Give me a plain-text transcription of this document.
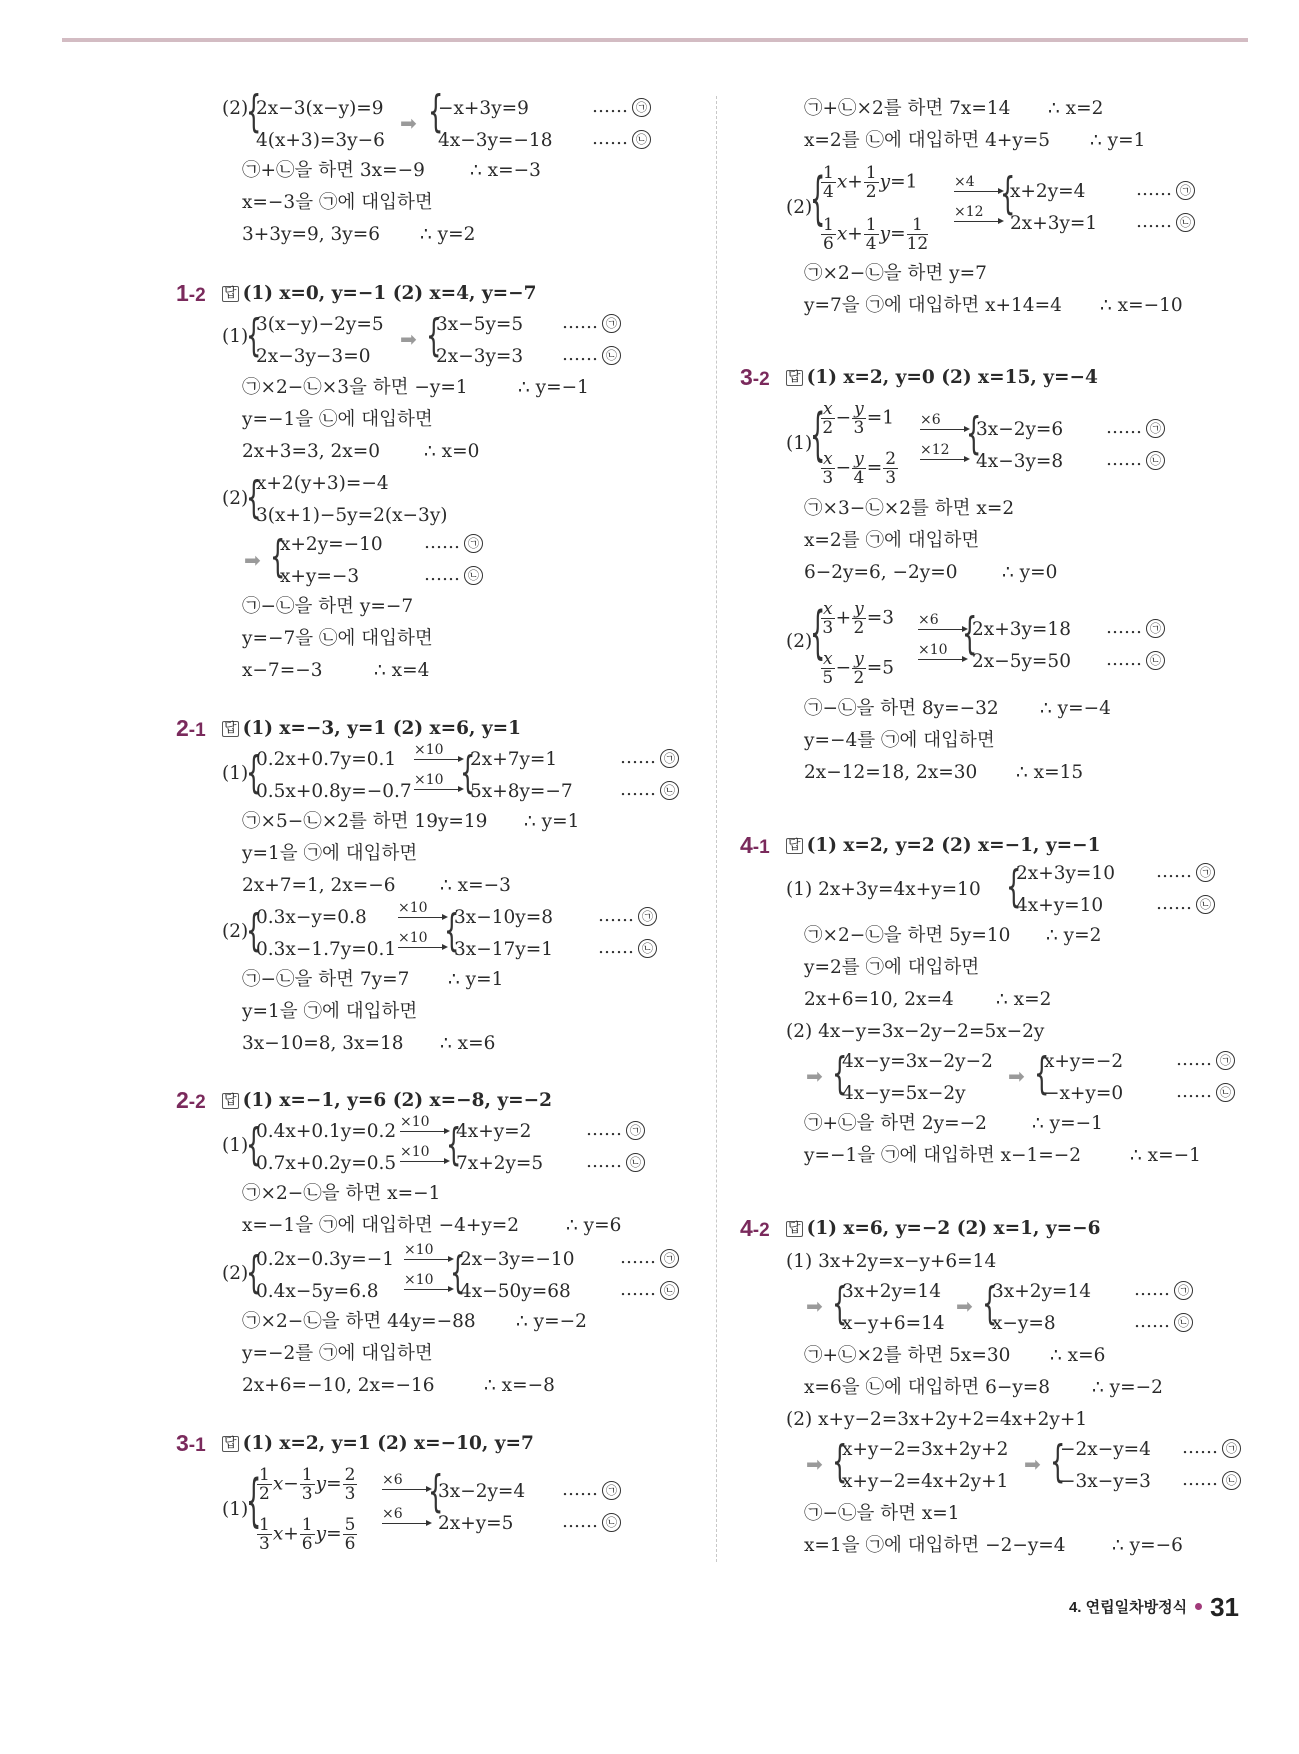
(2)
{
2x−3(x−y)=9
4(x+3)=3y−6
➡ {
−x+3y=9
4x−3y=−18
…… ㉠
…… ㉡
㉠+㉡을 하면 3x=−9 ∴ x=−3
x=−3을 ㉠에 대입하면
3+3y=9, 3y=6 ∴ y=2
1-2 답 (1) x=0, y=−1 (2) x=4, y=−7
(1)
{
3(x−y)−2y=5
2x−3y−3=0
➡ {
3x−5y=5
2x−3y=3
…… ㉠
…… ㉡
㉠×2−㉡×3을 하면 −y=1	∴ y=−1
y=−1을 ㉡에 대입하면
2x+3=3, 2x=0 ∴ x=0
(2)
{
x+2(y+3)=−4
3(x+1)−5y=2(x−3y)
➡ {
x+2y=−10
x+y=−3
…… ㉠
…… ㉡
㉠−㉡을 하면 y=−7
y=−7을 ㉡에 대입하면
x−7=−3	∴ x=4
2-1 답 (1) x=−3, y=1 (2) x=6, y=1
(1)
{
0.2x+0.7y=0.1
0.5x+0.8y=−0.7
×10
×10 {
2x+7y=1
5x+8y=−7
…… ㉠
…… ㉡
㉠×5−㉡×2를 하면 19y=19 ∴ y=1
y=1을 ㉠에 대입하면
2x+7=1, 2x=−6 ∴ x=−3
(2)
{
0.3x−y=0.8
0.3x−1.7y=0.1
×10
×10 {
3x−10y=8
3x−17y=1
…… ㉠
…… ㉡
㉠−㉡을 하면 7y=7 ∴ y=1
y=1을 ㉠에 대입하면
3x−10=8, 3x=18 ∴ x=6
2-2 답 (1) x=−1, y=6 (2) x=−8, y=−2
(1)
{
0.4x+0.1y=0.2
0.7x+0.2y=0.5
×10
×10 {
4x+y=2
7x+2y=5
…… ㉠
…… ㉡
㉠×2−㉡을 하면 x=−1
x=−1을 ㉠에 대입하면 −4+y=2	∴ y=6
(2)
{
0.2x−0.3y=−1
0.4x−5y=6.8
×10
×10 {
2x−3y=−10
4x−50y=68
…… ㉠
…… ㉡
㉠×2−㉡을 하면 44y=−88 ∴ y=−2
y=−2를 ㉠에 대입하면
2x+6=−10, 2x=−16	∴ x=−8
3-1 답 (1) x=2, y=1 (2) x=−10, y=7
(1)
{
$\frac{1}{2} x- \frac{1}{3} y= \frac{2}{3}$
$\frac{1}{3} x+ \frac{1}{6} y= \frac{5}{6}$
×6
×6 {
3x−2y=4
2x+y=5
…… ㉠
…… ㉡
㉠+㉡×2를 하면 7x=14 ∴ x=2
x=2를 ㉡에 대입하면 4+y=5 ∴ y=1
(2)
{
$\frac{1}{4} x+ \frac{1}{2} y=1$
$\frac{1}{6} x+ \frac{1}{4} y= \frac{1}{12}$
×4
×12 {
x+2y=4
2x+3y=1
…… ㉠
…… ㉡
㉠×2−㉡을 하면 y=7
y=7을 ㉠에 대입하면 x+14=4 ∴ x=−10
3-2 답 (1) x=2, y=0 (2) x=15, y=−4
(1)
{
$\frac{x}{2} - \frac{y}{3} =1$
$\frac{x}{3} - \frac{y}{4} = \frac{2}{3}$
×6
×12 {
3x−2y=6
4x−3y=8
…… ㉠
…… ㉡
㉠×3−㉡×2를 하면 x=2
x=2를 ㉠에 대입하면
6−2y=6, −2y=0 ∴ y=0
(2)
{
$\frac{x}{3} + \frac{y}{2} =3$
$\frac{x}{5} - \frac{y}{2} =5$
×6
×10 {
2x+3y=18
2x−5y=50
…… ㉠
…… ㉡
㉠−㉡을 하면 8y=−32 ∴ y=−4
y=−4를 ㉠에 대입하면
2x−12=18, 2x=30 ∴ x=15
4-1 답 (1) x=2, y=2 (2) x=−1, y=−1
(1) 2x+3y=4x+y=10 {
2x+3y=10
4x+y=10
…… ㉠
…… ㉡
㉠×2−㉡을 하면 5y=10 ∴ y=2
y=2를 ㉠에 대입하면
2x+6=10, 2x=4 ∴ x=2
(2) 4x−y=3x−2y−2=5x−2y
➡ {
4x−y=3x−2y−2
4x−y=5x−2y
➡ {
x+y=−2
−x+y=0
…… ㉠
…… ㉡
㉠+㉡을 하면 2y=−2 ∴ y=−1
y=−1을 ㉠에 대입하면 x−1=−2	∴ x=−1
4-2 답 (1) x=6, y=−2 (2) x=1, y=−6
(1) 3x+2y=x−y+6=14
➡ {
3x+2y=14
x−y+6=14
➡ {
3x+2y=14
x−y=8
…… ㉠
…… ㉡
㉠+㉡×2를 하면 5x=30 ∴ x=6
x=6을 ㉡에 대입하면 6−y=8 ∴ y=−2
(2) x+y−2=3x+2y+2=4x+2y+1
➡ {
x+y−2=3x+2y+2
x+y−2=4x+2y+1
➡ {
−2x−y=4
−3x−y=3
…… ㉠
…… ㉡
㉠−㉡을 하면 x=1
x=1을 ㉠에 대입하면 −2−y=4	∴ y=−6
4. 연립일차방정식 31
